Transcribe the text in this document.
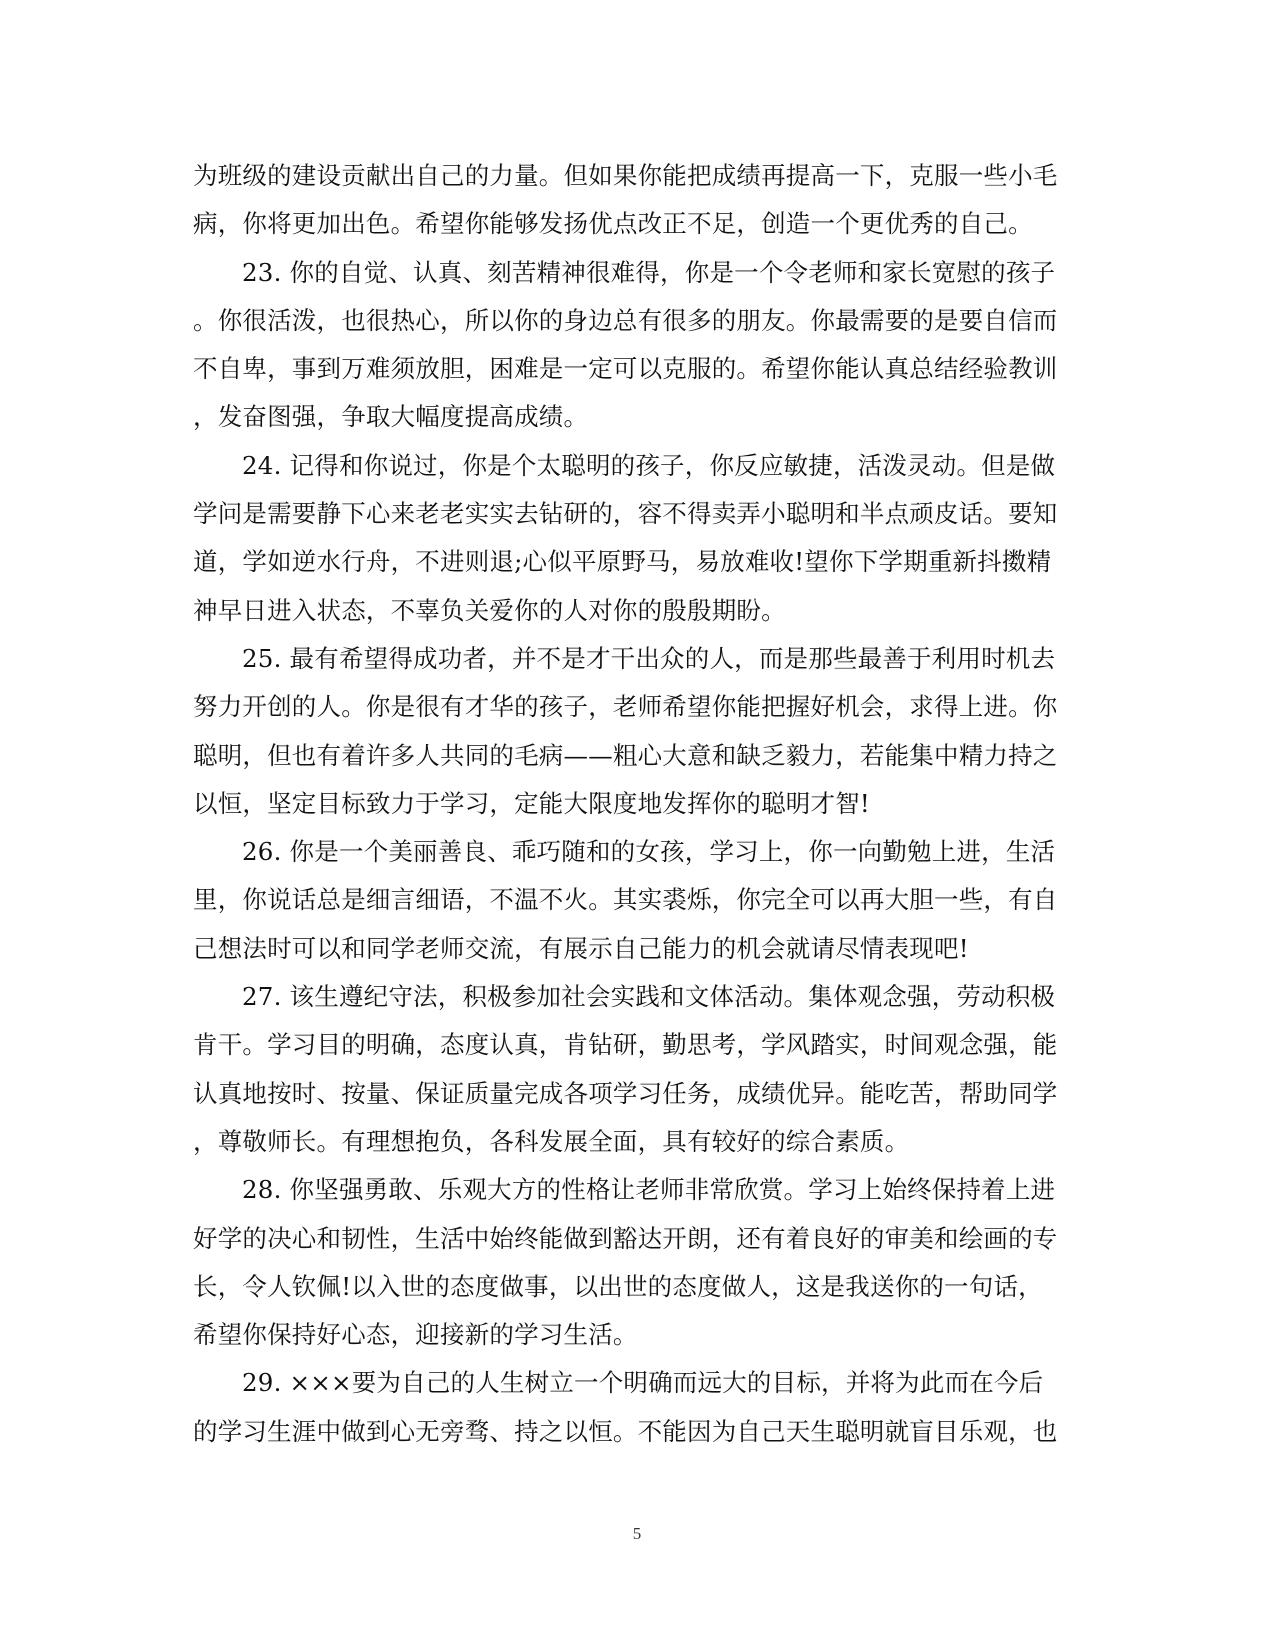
为班级的建设贡献出自己的力量。但如果你能把成绩再提高一下，克服一些小毛
病，你将更加出色。希望你能够发扬优点改正不足，创造一个更优秀的自己。
23. 你的自觉、认真、刻苦精神很难得，你是一个令老师和家长宽慰的孩子
。你很活泼，也很热心，所以你的身边总有很多的朋友。你最需要的是要自信而
不自卑，事到万难须放胆，困难是一定可以克服的。希望你能认真总结经验教训
，发奋图强，争取大幅度提高成绩。
24. 记得和你说过，你是个太聪明的孩子，你反应敏捷，活泼灵动。但是做
学问是需要静下心来老老实实去钻研的，容不得卖弄小聪明和半点顽皮话。要知
道，学如逆水行舟，不进则退;心似平原野马，易放难收!望你下学期重新抖擞精
神早日进入状态，不辜负关爱你的人对你的殷殷期盼。
25. 最有希望得成功者，并不是才干出众的人，而是那些最善于利用时机去
努力开创的人。你是很有才华的孩子，老师希望你能把握好机会，求得上进。你
聪明，但也有着许多人共同的毛病——粗心大意和缺乏毅力，若能集中精力持之
以恒，坚定目标致力于学习，定能大限度地发挥你的聪明才智!
26. 你是一个美丽善良、乖巧随和的女孩，学习上，你一向勤勉上进，生活
里，你说话总是细言细语，不温不火。其实裘烁，你完全可以再大胆一些，有自
己想法时可以和同学老师交流，有展示自己能力的机会就请尽情表现吧!
27. 该生遵纪守法，积极参加社会实践和文体活动。集体观念强，劳动积极
肯干。学习目的明确，态度认真，肯钻研，勤思考，学风踏实，时间观念强，能
认真地按时、按量、保证质量完成各项学习任务，成绩优异。能吃苦，帮助同学
，尊敬师长。有理想抱负，各科发展全面，具有较好的综合素质。
28. 你坚强勇敢、乐观大方的性格让老师非常欣赏。学习上始终保持着上进
好学的决心和韧性，生活中始终能做到豁达开朗，还有着良好的审美和绘画的专
长，令人钦佩!以入世的态度做事，以出世的态度做人，这是我送你的一句话，
希望你保持好心态，迎接新的学习生活。
29. ×××要为自己的人生树立一个明确而远大的目标，并将为此而在今后
的学习生涯中做到心无旁骛、持之以恒。不能因为自己天生聪明就盲目乐观，也
5
